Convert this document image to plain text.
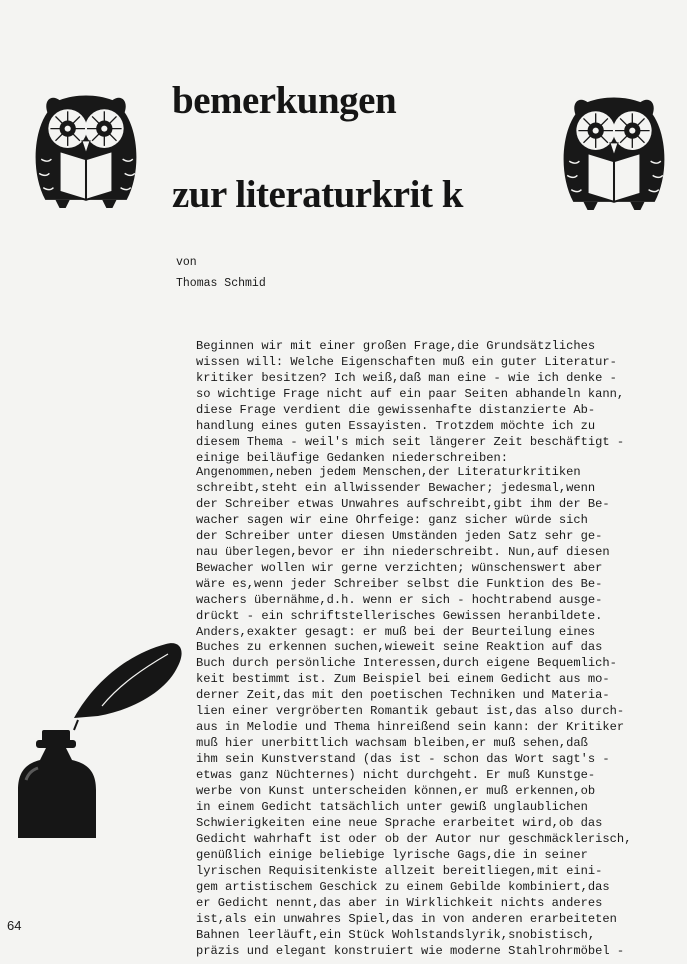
bemerkungen
zur literaturkrit k
von
Thomas Schmid

Beginnen wir mit einer großen Frage,die Grundsätzliches
wissen will: Welche Eigenschaften muß ein guter Literatur-
kritiker besitzen? Ich weiß,daß man eine - wie ich denke -
so wichtige Frage nicht auf ein paar Seiten abhandeln kann,
diese Frage verdient die gewissenhafte distanzierte Ab-
handlung eines guten Essayisten. Trotzdem möchte ich zu
diesem Thema - weil's mich seit längerer Zeit beschäftigt -
einige beiläufige Gedanken niederschreiben:

Angenommen,neben jedem Menschen,der Literaturkritiken
schreibt,steht ein allwissender Bewacher; jedesmal,wenn
der Schreiber etwas Unwahres aufschreibt,gibt ihm der Be-
wacher sagen wir eine Ohrfeige: ganz sicher würde sich
der Schreiber unter diesen Umständen jeden Satz sehr ge-
nau überlegen,bevor er ihn niederschreibt. Nun,auf diesen
Bewacher wollen wir gerne verzichten; wünschenswert aber
wäre es,wenn jeder Schreiber selbst die Funktion des Be-
wachers übernähme,d.h. wenn er sich - hochtrabend ausge-
drückt - ein schriftstellerisches Gewissen heranbildete.
Anders,exakter gesagt: er muß bei der Beurteilung eines
Buches zu erkennen suchen,wieweit seine Reaktion auf das
Buch durch persönliche Interessen,durch eigene Bequemlich-
keit bestimmt ist. Zum Beispiel bei einem Gedicht aus mo-
derner Zeit,das mit den poetischen Techniken und Materia-
lien einer vergröberten Romantik gebaut ist,das also durch-
aus in Melodie und Thema hinreißend sein kann: der Kritiker
muß hier unerbittlich wachsam bleiben,er muß sehen,daß
ihm sein Kunstverstand (das ist - schon das Wort sagt's -
etwas ganz Nüchternes) nicht durchgeht. Er muß Kunstge-
werbe von Kunst unterscheiden können,er muß erkennen,ob
in einem Gedicht tatsächlich unter gewiß unglaublichen
Schwierigkeiten eine neue Sprache erarbeitet wird,ob das
Gedicht wahrhaft ist oder ob der Autor nur geschmäcklerisch,
genüßlich einige beliebige lyrische Gags,die in seiner
lyrischen Requisitenkiste allzeit bereitliegen,mit eini-
gem artistischem Geschick zu einem Gebilde kombiniert,das
er Gedicht nennt,das aber in Wirklichkeit nichts anderes
ist,als ein unwahres Spiel,das in von anderen erarbeiteten
Bahnen leerläuft,ein Stück Wohlstandslyrik,snobistisch,
präzis und elegant konstruiert wie moderne Stahlrohrmöbel -

64
